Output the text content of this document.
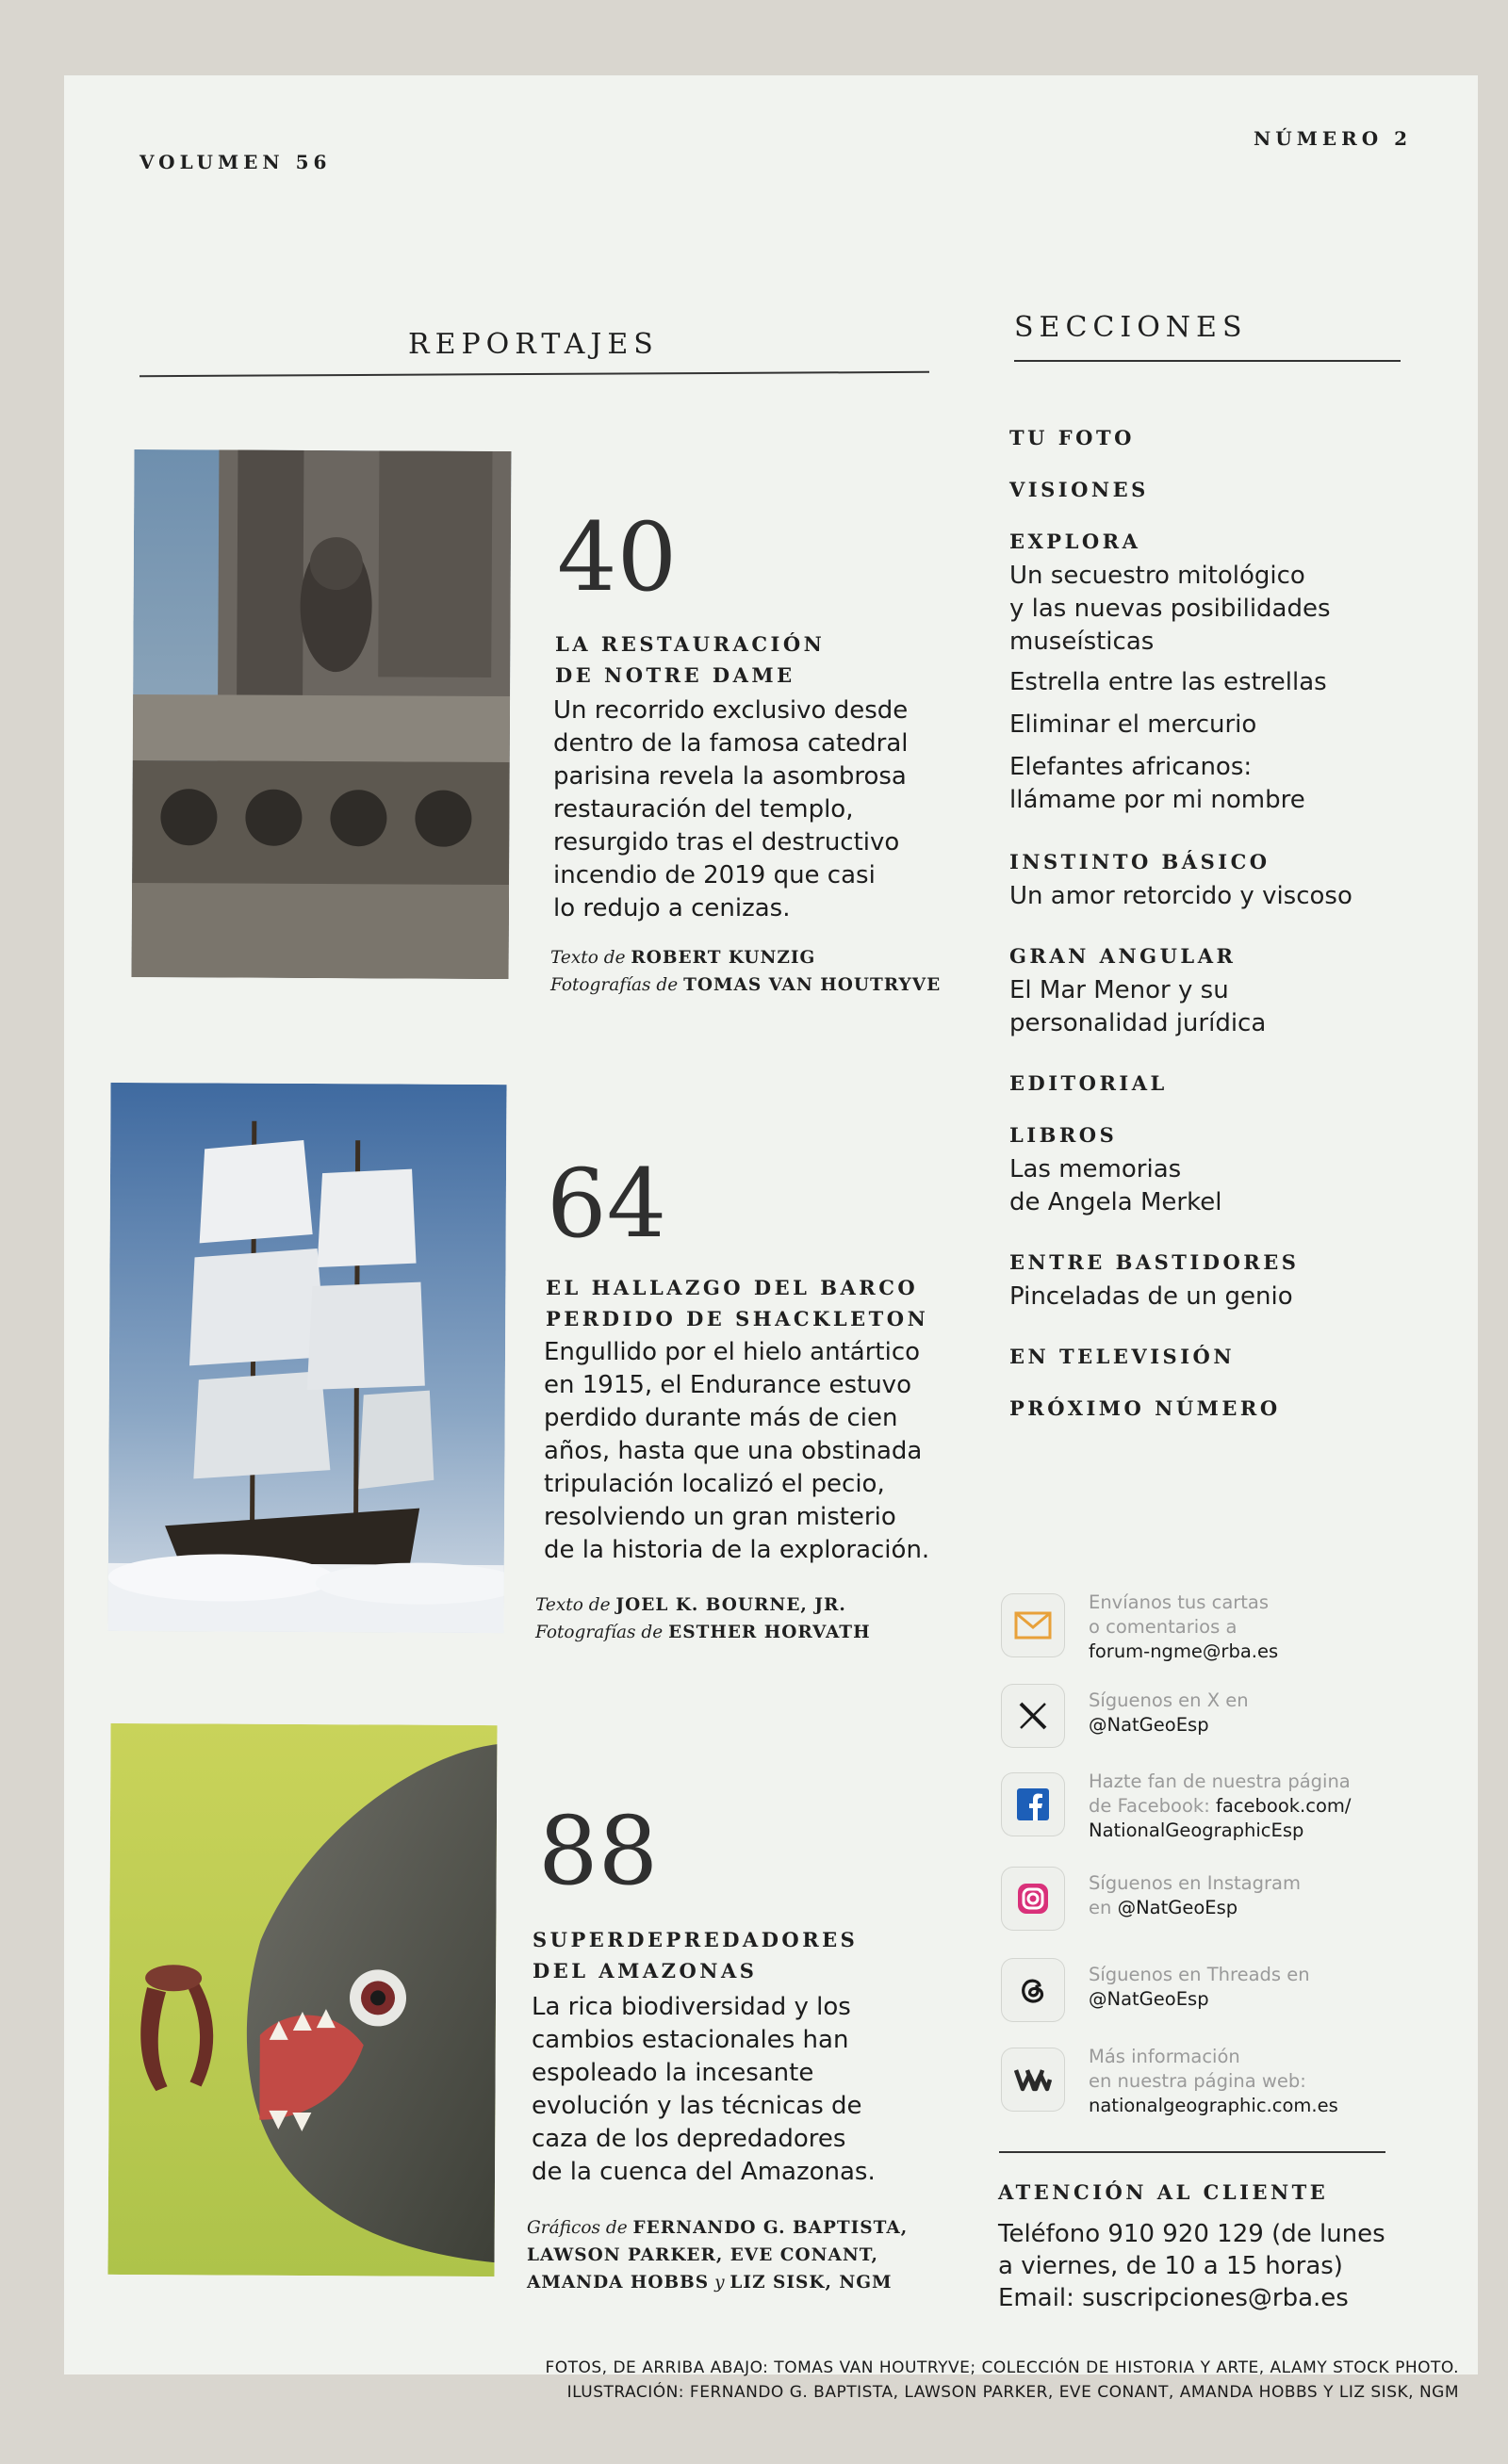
VOLUMEN 56
NÚMERO 2
REPORTAJES
SECCIONES
40
LA RESTAURACIÓN
DE NOTRE DAME
Un recorrido exclusivo desde
dentro de la famosa catedral
parisina revela la asombrosa
restauración del templo,
resurgido tras el destructivo
incendio de 2019 que casi
lo redujo a cenizas.
Texto de ROBERT KUNZIG
Fotografías de TOMAS VAN HOUTRYVE
64
EL HALLAZGO DEL BARCO
PERDIDO DE SHACKLETON
Engullido por el hielo antártico
en 1915, el Endurance estuvo
perdido durante más de cien
años, hasta que una obstinada
tripulación localizó el pecio,
resolviendo un gran misterio
de la historia de la exploración.
Texto de JOEL K. BOURNE, JR.
Fotografías de ESTHER HORVATH
88
SUPERDEPREDADORES
DEL AMAZONAS
La rica biodiversidad y los
cambios estacionales han
espoleado la incesante
evolución y las técnicas de
caza de los depredadores
de la cuenca del Amazonas.
Gráficos de FERNANDO G. BAPTISTA,
LAWSON PARKER, EVE CONANT,
AMANDA HOBBS y LIZ SISK, NGM
TU FOTO
VISIONES
EXPLORA
Un secuestro mitológico
y las nuevas posibilidades
museísticas
Estrella entre las estrellas
Eliminar el mercurio
Elefantes africanos:
llámame por mi nombre
INSTINTO BÁSICO
Un amor retorcido y viscoso
GRAN ANGULAR
El Mar Menor y su
personalidad jurídica
EDITORIAL
LIBROS
Las memorias
de Angela Merkel
ENTRE BASTIDORES
Pinceladas de un genio
EN TELEVISIÓN
PRÓXIMO NÚMERO
Envíanos tus cartas
o comentarios a
forum-ngme@rba.es
Síguenos en X en
@NatGeoEsp
Hazte fan de nuestra página
de Facebook: facebook.com/
NationalGeographicEsp
Síguenos en Instagram
en @NatGeoEsp
Síguenos en Threads en
@NatGeoEsp
Más información
en nuestra página web:
nationalgeographic.com.es
ATENCIÓN AL CLIENTE
Teléfono 910 920 129 (de lunes
a viernes, de 10 a 15 horas)
Email: suscripciones@rba.es
FOTOS, DE ARRIBA ABAJO: TOMAS VAN HOUTRYVE; COLECCIÓN DE HISTORIA Y ARTE, ALAMY STOCK PHOTO.
ILUSTRACIÓN: FERNANDO G. BAPTISTA, LAWSON PARKER, EVE CONANT, AMANDA HOBBS Y LIZ SISK, NGM
